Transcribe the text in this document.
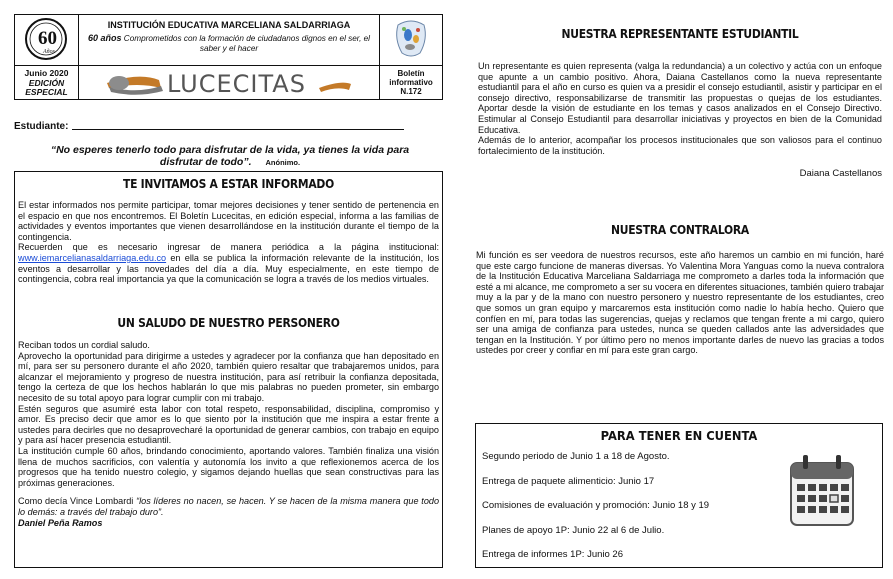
60
Años
INSTITUCIÓN EDUCATIVA MARCELIANA SALDARRIAGA
60 años Comprometidos con la formación de ciudadanos dignos en el ser, el saber y el hacer
Junio 2020
EDICIÓN
ESPECIAL	LUCECITAS	Boletín
informativo
N.172
Estudiante:
“No esperes tenerlo todo para disfrutar de la vida, ya tienes la vida para disfrutar de todo”. Anónimo.
TE INVITAMOS A ESTAR INFORMADO

El estar informados nos permite participar, tomar mejores decisiones y tener sentido de pertenencia en el espacio en que nos encontremos. El Boletín Lucecitas, en edición especial, informa a las familias de actividades y eventos importantes que vienen desarrollándose en la institución durante el tiempo de la contingencia.

Recuerden que es necesario ingresar de manera periódica a la página institucional: www.iemarcelianasaldarriaga.edu.co en ella se publica la información relevante de la institución, los eventos a desarrollar y las novedades del día a día. Muy especialmente, en este tiempo de contingencia, cobra real importancia ya que la comunicación se logra a través de los medios virtuales.

UN SALUDO DE NUESTRO PERSONERO

Reciban todos un cordial saludo.

Aprovecho la oportunidad para dirigirme a ustedes y agradecer por la confianza que han depositado en mí, para ser su personero durante el año 2020, también quiero resaltar que trabajaremos unidos, para alcanzar el mejoramiento y progreso de nuestra institución, para así retribuir la confianza depositada, tengo la certeza de que los hechos hablarán lo que mis palabras no pueden prometer, sin embargo necesito de su total apoyo para lograr cumplir con mi trabajo.

Estén seguros que asumiré esta labor con total respeto, responsabilidad, disciplina, compromiso y amor. Es preciso decir que amor es lo que siento por la institución que me inspira a estar frente a ustedes para decirles que no desaprovecharé la oportunidad de generar cambios, con trabajo en equipo y para así hacer presencia estudiantil.

La institución cumple 60 años, brindando conocimiento, aportando valores. También finaliza una visión llena de muchos sacrificios, con valentía y autonomía los invito a que reflexionemos acerca de los progresos que ha tenido nuestro colegio, y sigamos dejando huellas que sean constructivas para las próximas generaciones.

Como decía Vince Lombardi “los líderes no nacen, se hacen. Y se hacen de la misma manera que todo lo demás: a través del trabajo duro”.

Daniel Peña Ramos
NUESTRA REPRESENTANTE ESTUDIANTIL

Un representante es quien representa (valga la redundancia) a un colectivo y actúa con un enfoque que apunte a un cambio positivo. Ahora, Daiana Castellanos como la nueva representante estudiantil para el año en curso es quien va a presidir el consejo estudiantil, asistir y participar en el consejo directivo, responsabilizarse de transmitir las propuestas o quejas de los estudiantes. Aportar desde la visión de estudiante en los temas y casos analizados en el Consejo Directivo. Estimular al Consejo Estudiantil para desarrollar iniciativas y proyectos en bien de la Comunidad Educativa.

Además de lo anterior, acompañar los procesos institucionales que son valiosos para el continuo fortalecimiento de la institución.

Daiana Castellanos
NUESTRA CONTRALORA

Mi función es ser veedora de nuestros recursos, este año haremos un cambio en mi función, haré que este cargo funcione de maneras diversas. Yo Valentina Mora Yanguas como la nueva contralora de la Institución Educativa Marceliana Saldarriaga me comprometo a darles toda la información que esté a mi alcance, me comprometo a ser su vocera en diferentes situaciones, también quiero trabajar muy a la par y de la mano con nuestro personero y nuestro representante de los estudiantes, creo que somos un gran equipo y marcaremos esta institución como nadie lo había hecho. Quiero que confíen en mí, para todas las sugerencias, quejas y reclamos que tengan frente a mi cargo, quiero ser una amiga de confianza para ustedes, nunca se queden callados ante las adversidades que tengan en la Institución. Y por último pero no menos importante darles de nuevo las gracias a todos ustedes por creer y confiar en mí para este gran cargo.

PARA TENER EN CUENTA
Segundo periodo de Junio 1 a 18 de Agosto.
Entrega de paquete alimenticio: Junio 17
Comisiones de evaluación y promoción: Junio 18 y 19
Planes de apoyo 1P: Junio 22 al 6 de Julio.
Entrega de informes 1P: Junio 26
